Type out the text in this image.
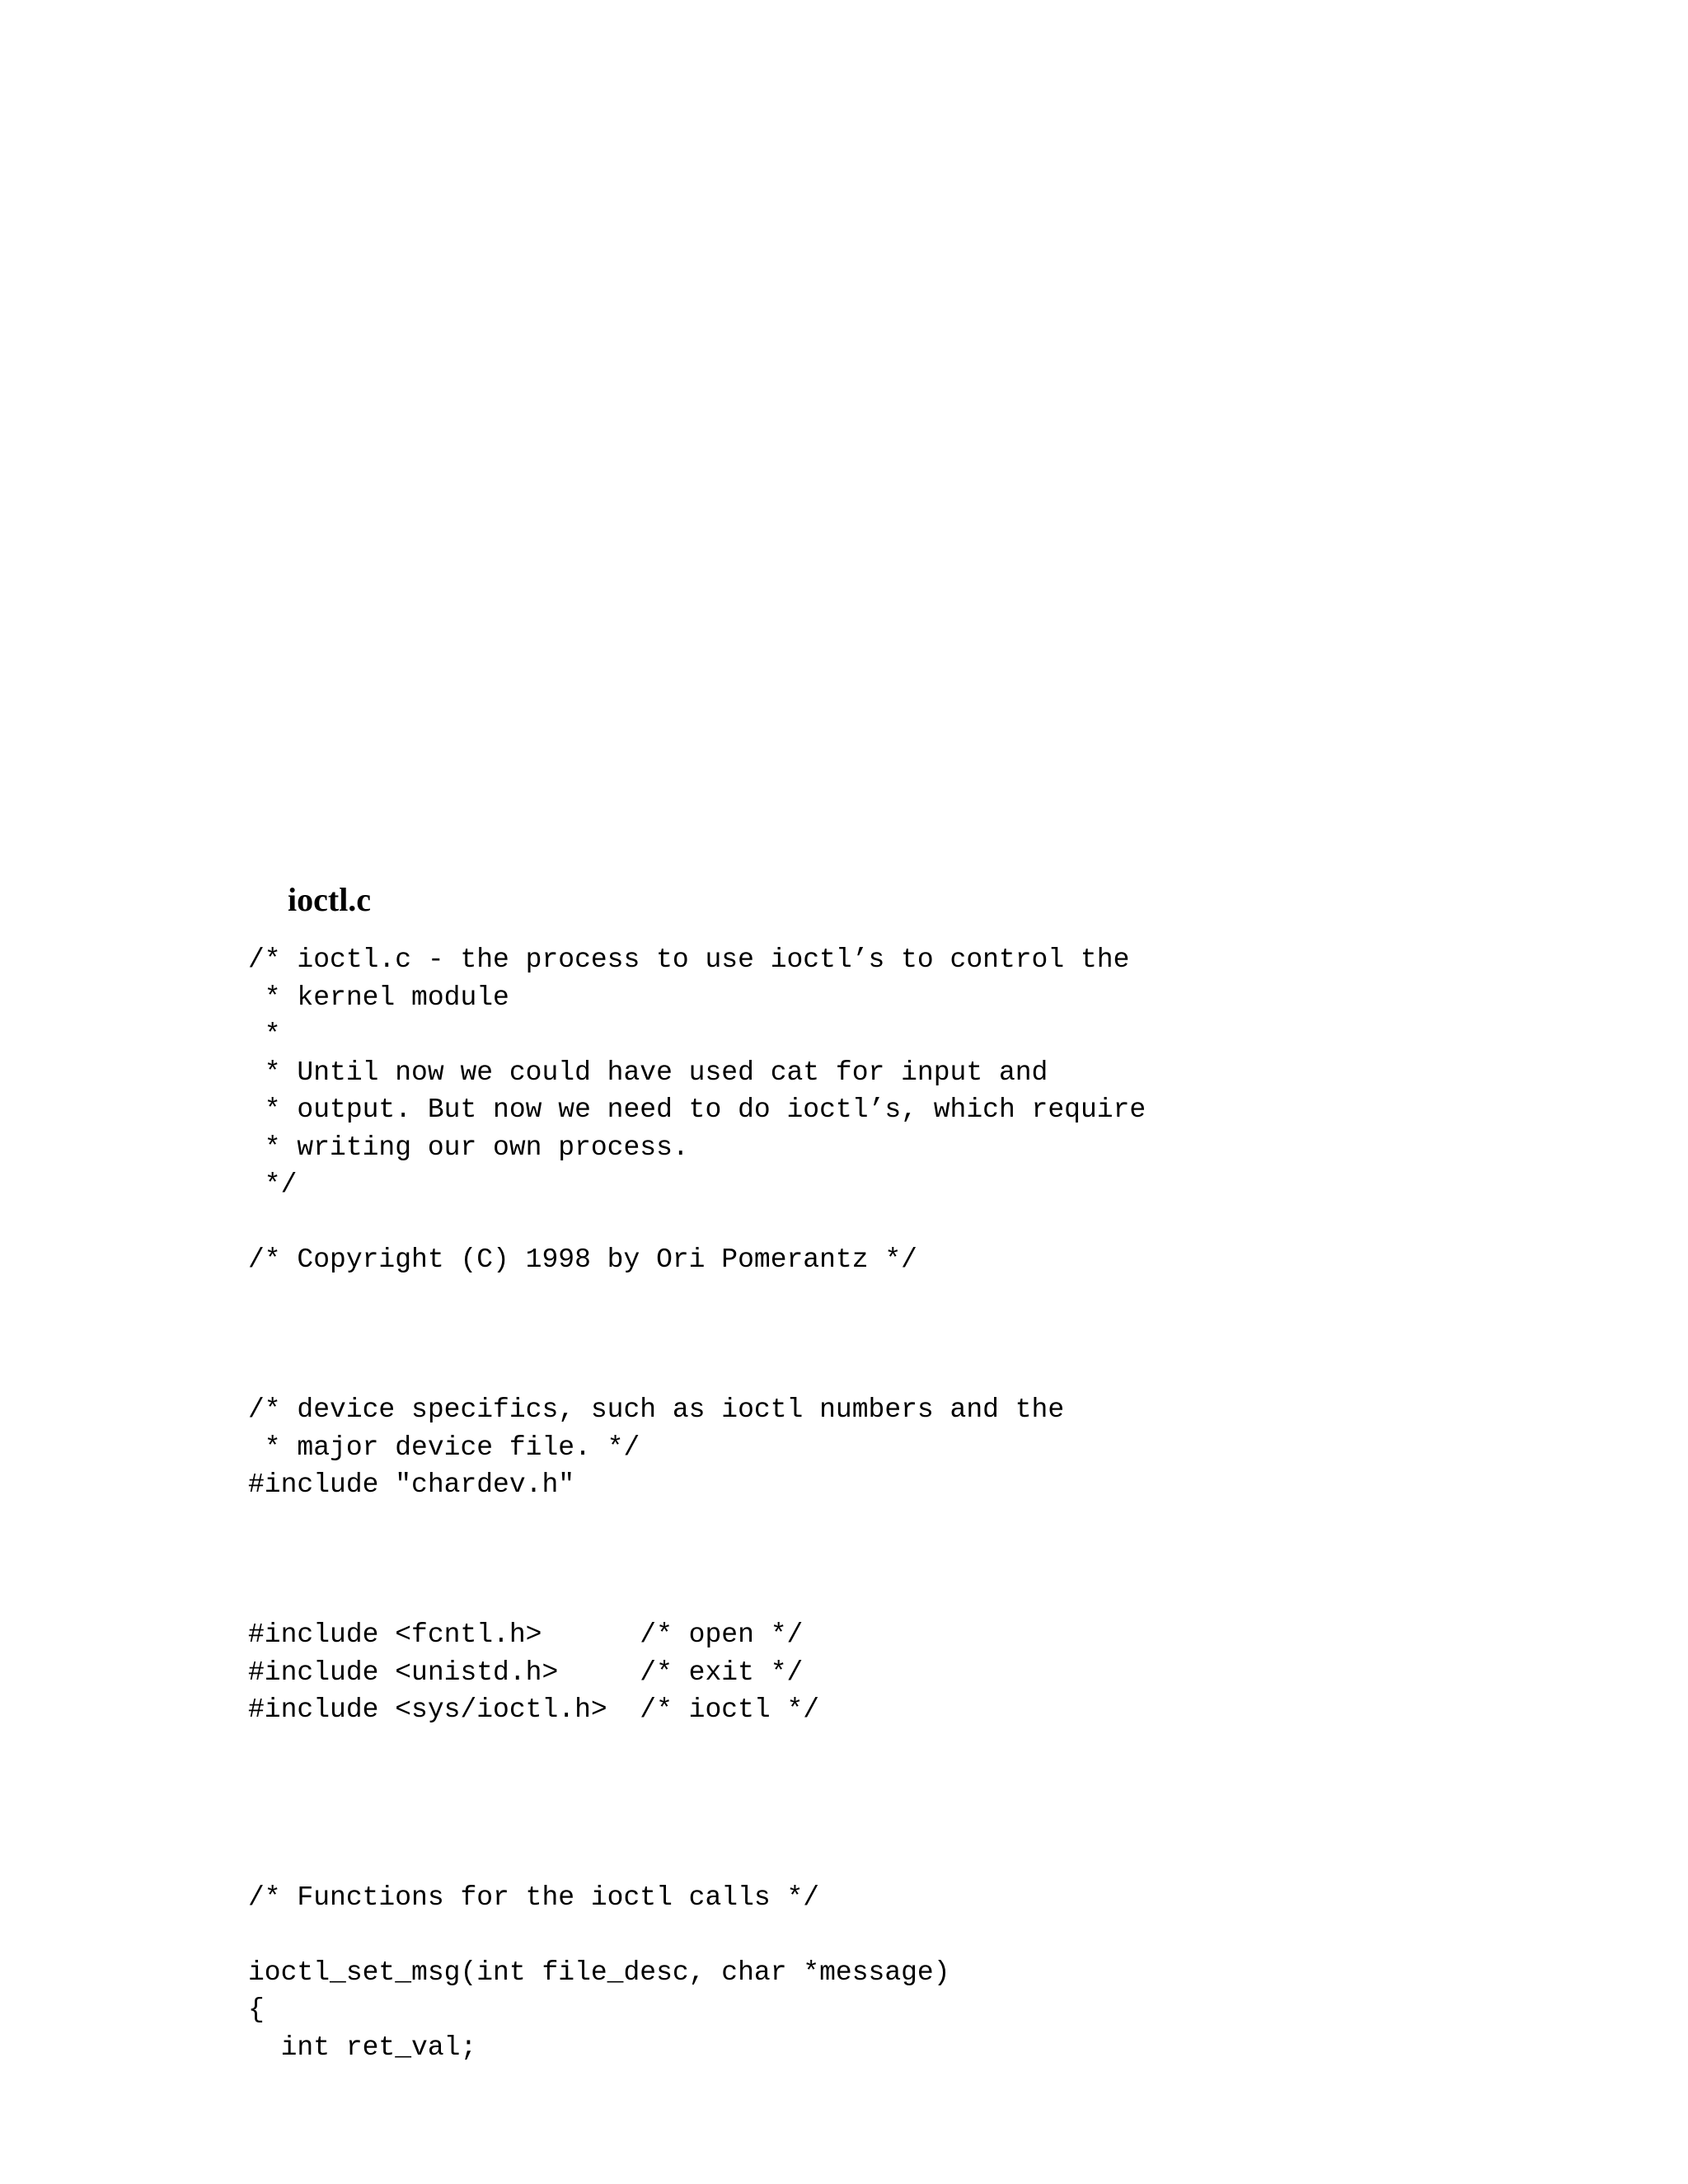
ioctl.c
/* ioctl.c - the process to use ioctl’s to control the
* kernel module
*
* Until now we could have used cat for input and
* output. But now we need to do ioctl’s, which require
* writing our own process.
*/
/* Copyright (C) 1998 by Ori Pomerantz */
/* device specifics, such as ioctl numbers and the
* major device file. */
#include "chardev.h"
#include <fcntl.h>      /* open */
#include <unistd.h>     /* exit */
#include <sys/ioctl.h>  /* ioctl */
/* Functions for the ioctl calls */
ioctl_set_msg(int file_desc, char *message)
{
int ret_val;
